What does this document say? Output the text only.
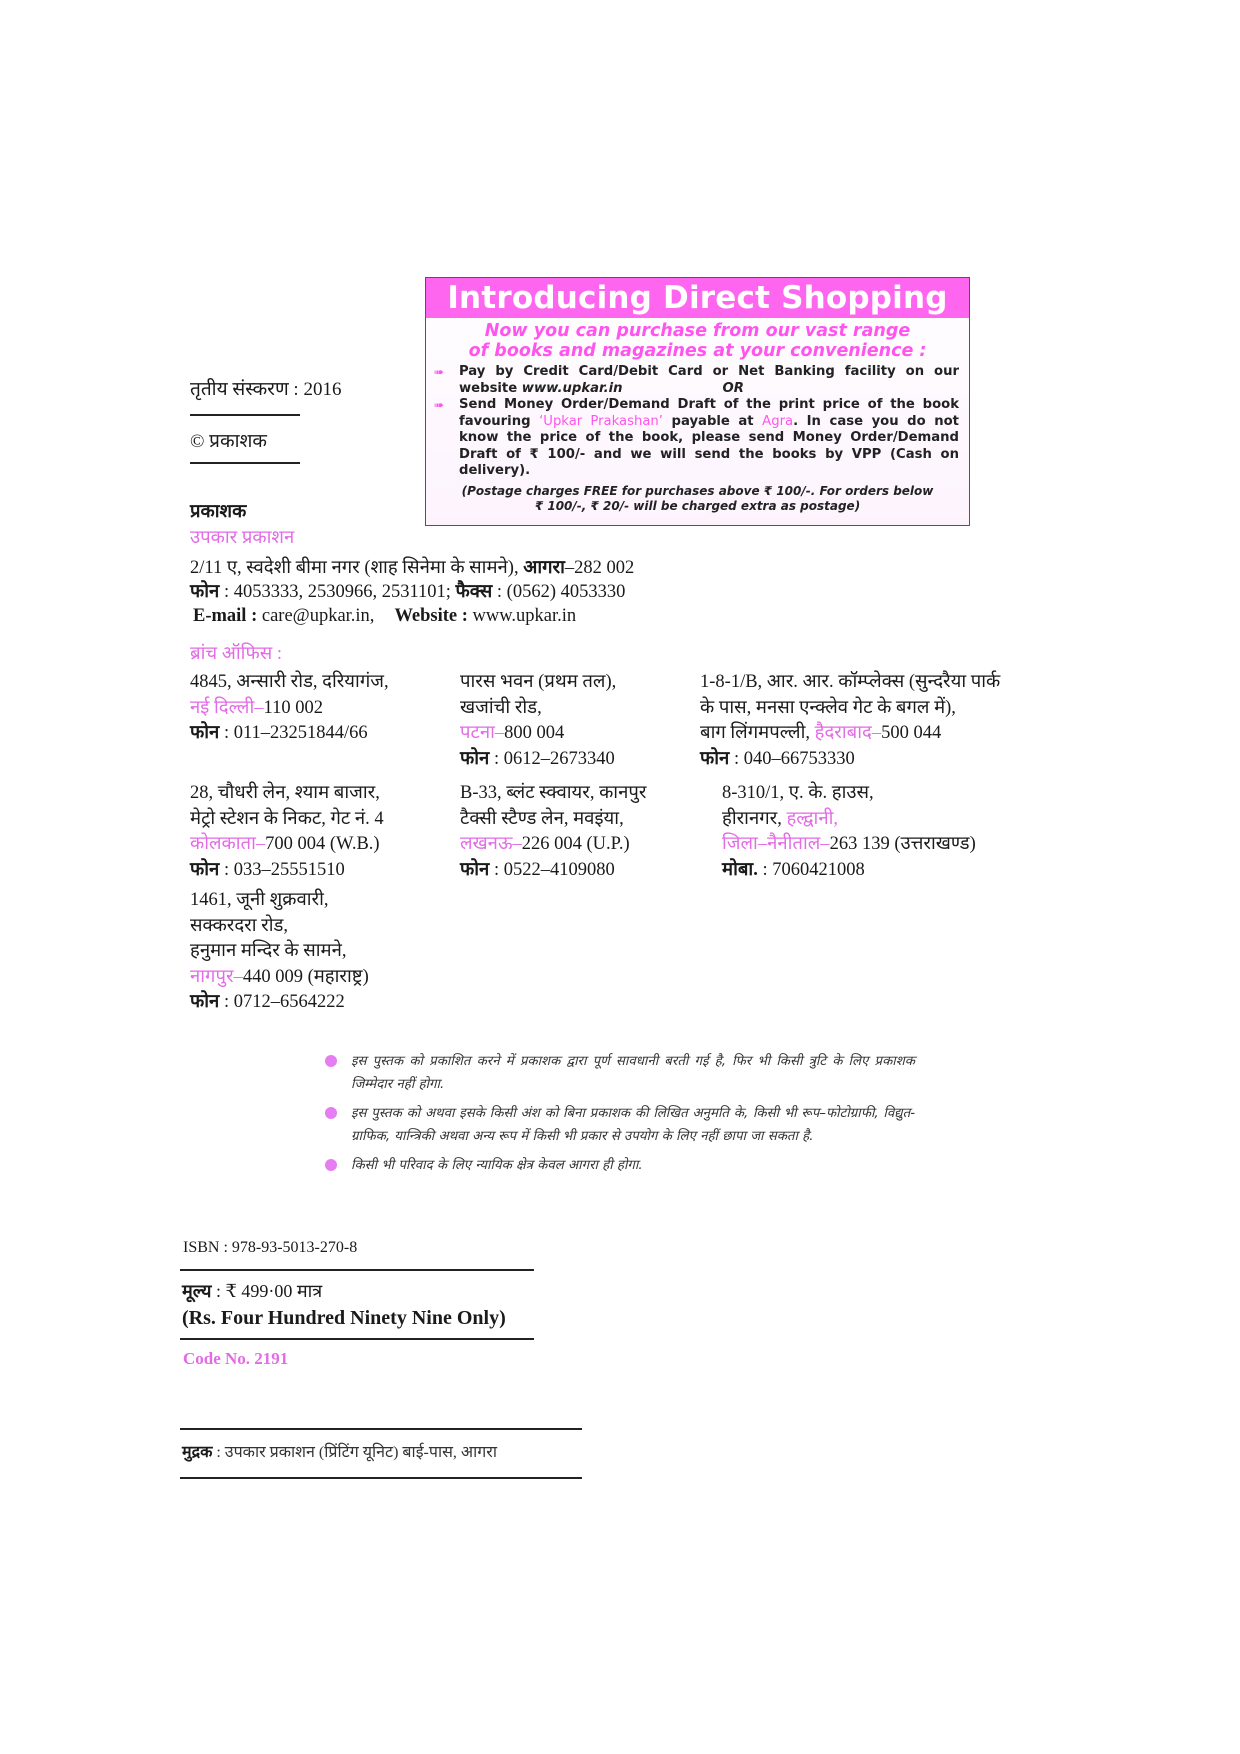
Introducing Direct Shopping
Now you can purchase from our vast range
of books and magazines at your convenience :
➠	Pay by Credit Card/Debit Card or Net Banking facility on our website www.upkar.in	OR
➠	Send Money Order/Demand Draft of the print price of the book favouring ‘Upkar Prakashan’ payable at Agra. In case you do not know the price of the book, please send Money Order/Demand Draft of ₹ 100/- and we will send the books by VPP (Cash on delivery).
(Postage charges FREE for purchases above ₹ 100/-. For orders below
₹ 100/-, ₹ 20/- will be charged extra as postage)
तृतीय संस्करण : 2016
© प्रकाशक
प्रकाशक
उपकार प्रकाशन
2/11 ए, स्वदेशी बीमा नगर (शाह सिनेमा के सामने), आगरा–282 002
फोन : 4053333, 2530966, 2531101; फैक्स : (0562) 4053330
E-mail : care@upkar.in, Website : www.upkar.in
ब्रांच ऑफिस :
4845, अन्सारी रोड, दरियागंज,
नई दिल्ली–110 002
फोन : 011–23251844/66
पारस भवन (प्रथम तल),
खजांची रोड,
पटना–800 004
फोन : 0612–2673340
1-8-1/B, आर. आर. कॉम्प्लेक्स (सुन्दरैया पार्क
के पास, मनसा एन्क्लेव गेट के बगल में),
बाग लिंगमपल्ली, हैदराबाद–500 044
फोन : 040–66753330
28, चौधरी लेन, श्याम बाजार,
मेट्रो स्टेशन के निकट, गेट नं. 4
कोलकाता–700 004 (W.B.)
फोन : 033–25551510
B-33, ब्लंट स्क्वायर, कानपुर
टैक्सी स्टैण्ड लेन, मवइंया,
लखनऊ–226 004 (U.P.)
फोन : 0522–4109080
8-310/1, ए. के. हाउस,
हीरानगर, हल्द्वानी,
जिला–नैनीताल–263 139 (उत्तराखण्ड)
मोबा. : 7060421008
1461, जूनी शुक्रवारी,
सक्करदरा रोड,
हनुमान मन्दिर के सामने,
नागपुर–440 009 (महाराष्ट्र)
फोन : 0712–6564222
इस पुस्तक को प्रकाशित करने में प्रकाशक द्वारा पूर्ण सावधानी बरती गई है, फिर भी किसी त्रुटि के लिए प्रकाशक जिम्मेदार नहीं होगा.
इस पुस्तक को अथवा इसके किसी अंश को बिना प्रकाशक की लिखित अनुमति के, किसी भी रूप–फोटोग्राफी, विद्युत-ग्राफिक, यान्त्रिकी अथवा अन्य रूप में किसी भी प्रकार से उपयोग के लिए नहीं छापा जा सकता है.
किसी भी परिवाद के लिए न्यायिक क्षेत्र केवल आगरा ही होगा.
ISBN : 978-93-5013-270-8
मूल्य : ₹ 499·00 मात्र
(Rs. Four Hundred Ninety Nine Only)
Code No. 2191
मुद्रक : उपकार प्रकाशन (प्रिंटिंग यूनिट) बाई-पास, आगरा
